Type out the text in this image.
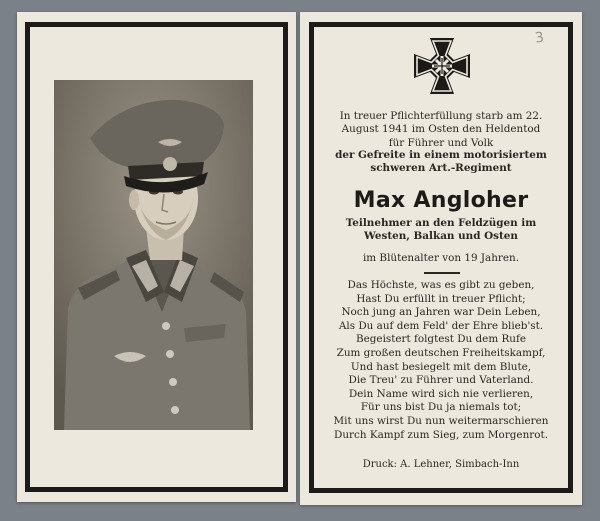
3
In treuer Pflichterfüllung starb am 22.
August 1941 im Osten den Heldentod
für Führer und Volk
der Gefreite in einem motorisiertem
schweren Art.-Regiment
Max Angloher
Teilnehmer an den Feldzügen im
Westen, Balkan und Osten
im Blütenalter von 19 Jahren.
Das Höchste, was es gibt zu geben,
Hast Du erfüllt in treuer Pflicht;
Noch jung an Jahren war Dein Leben,
Als Du auf dem Feld' der Ehre blieb'st.
Begeistert folgtest Du dem Rufe
Zum großen deutschen Freiheitskampf,
Und hast besiegelt mit dem Blute,
Die Treu' zu Führer und Vaterland.
Dein Name wird sich nie verlieren,
Für uns bist Du ja niemals tot;
Mit uns wirst Du nun weitermarschieren
Durch Kampf zum Sieg, zum Morgenrot.
Druck: A. Lehner, Simbach-Inn
